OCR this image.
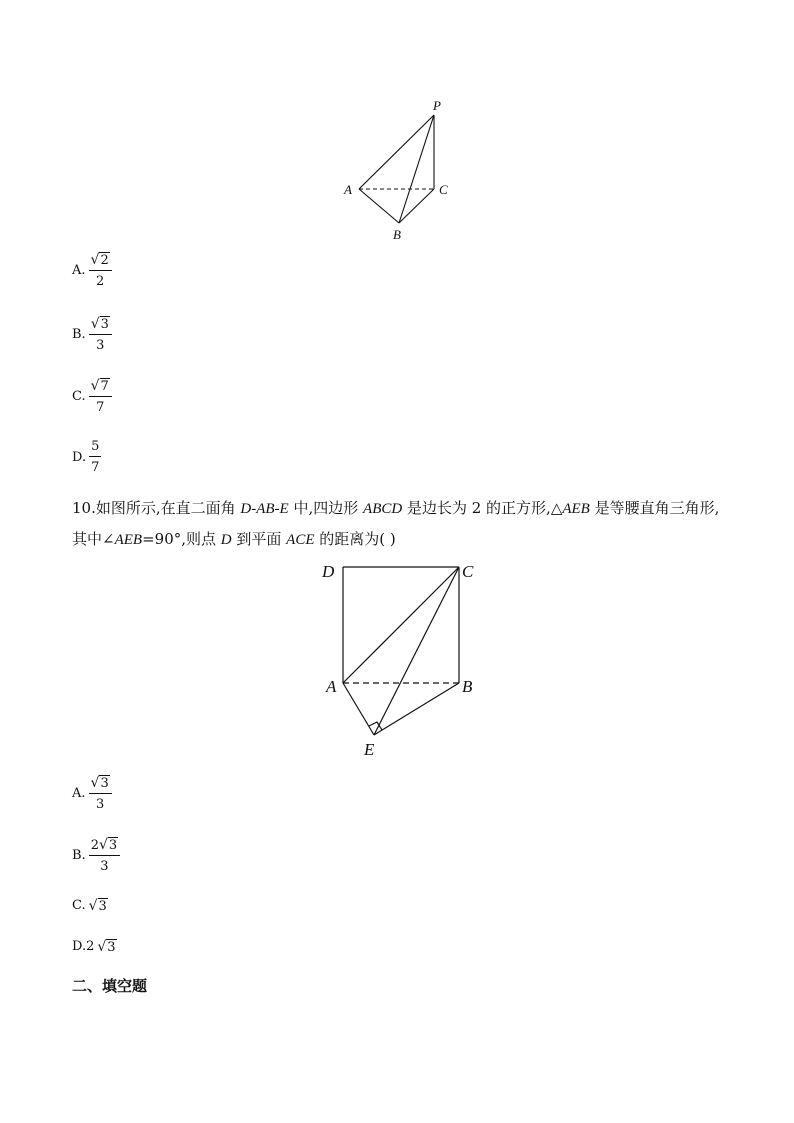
P
A	C
B
A. $\frac{√ 2}{2}$
B. $\frac{√ 3}{3}$
C. $\frac{√ 7}{7}$
D. $\frac{5}{7}$
10.如图所示,在直二面角 D-AB-E 中,四边形 ABCD 是边长为 2 的正方形,△AEB 是等腰直角三角形,其中∠AEB=90°,则点 D 到平面 ACE 的距离为( )
D	C
A	B
E
A. $\frac{√ 3}{3}$
B. $\frac{2 √ 3}{3}$
C. √ 3
D.2 √ 3
二、填空题
